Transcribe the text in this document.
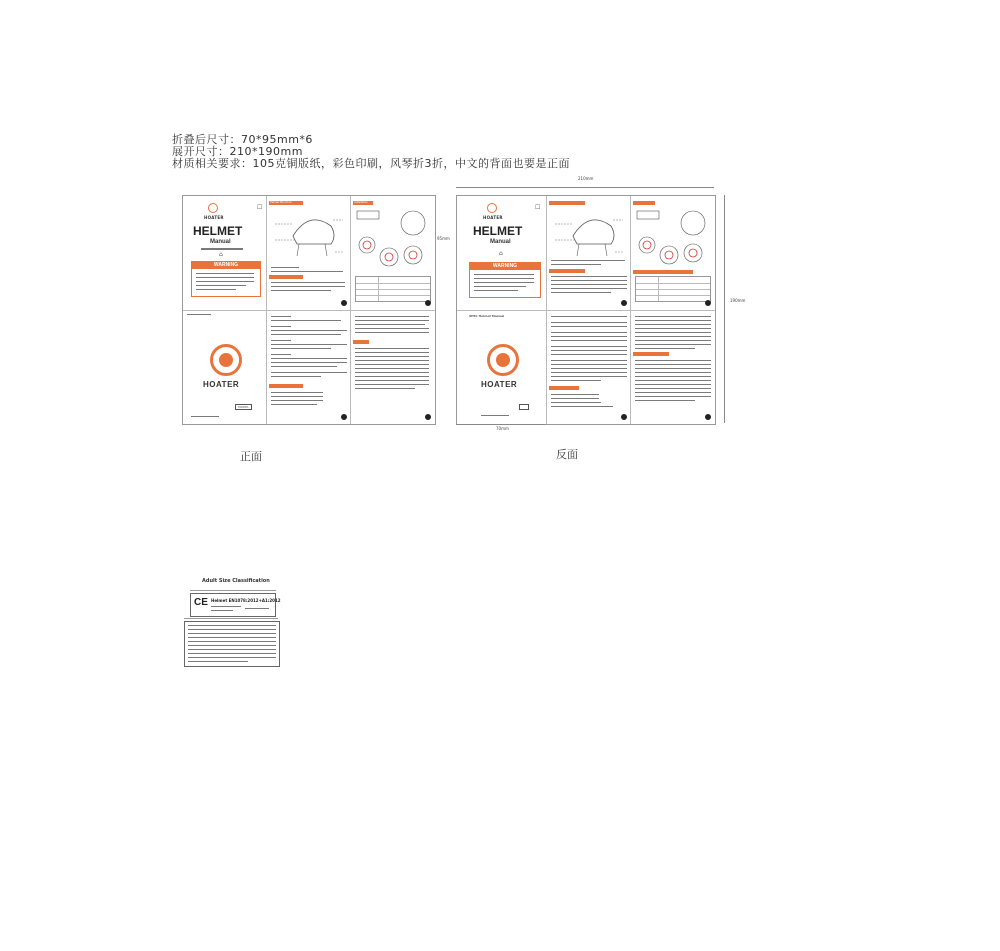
折叠后尺寸：70*95mm*6
展开尺寸：210*190mm
材质相关要求：105克铜版纸，彩色印刷，风琴折3折，中文的背面也要是正面
HOATER
☐
HELMET
Manual
⌂
WARNING
Helmet Structure	Installation
HOATER
MODEL
95mm
正面
210mm
190mm
HOATER
☐
HELMET
Manual
⌂
WARNING
SPEC Helmet Manual
HOATER

70mm
反面
Adult Size Classification
CE Helmet EN1078:2012+A1:2012
